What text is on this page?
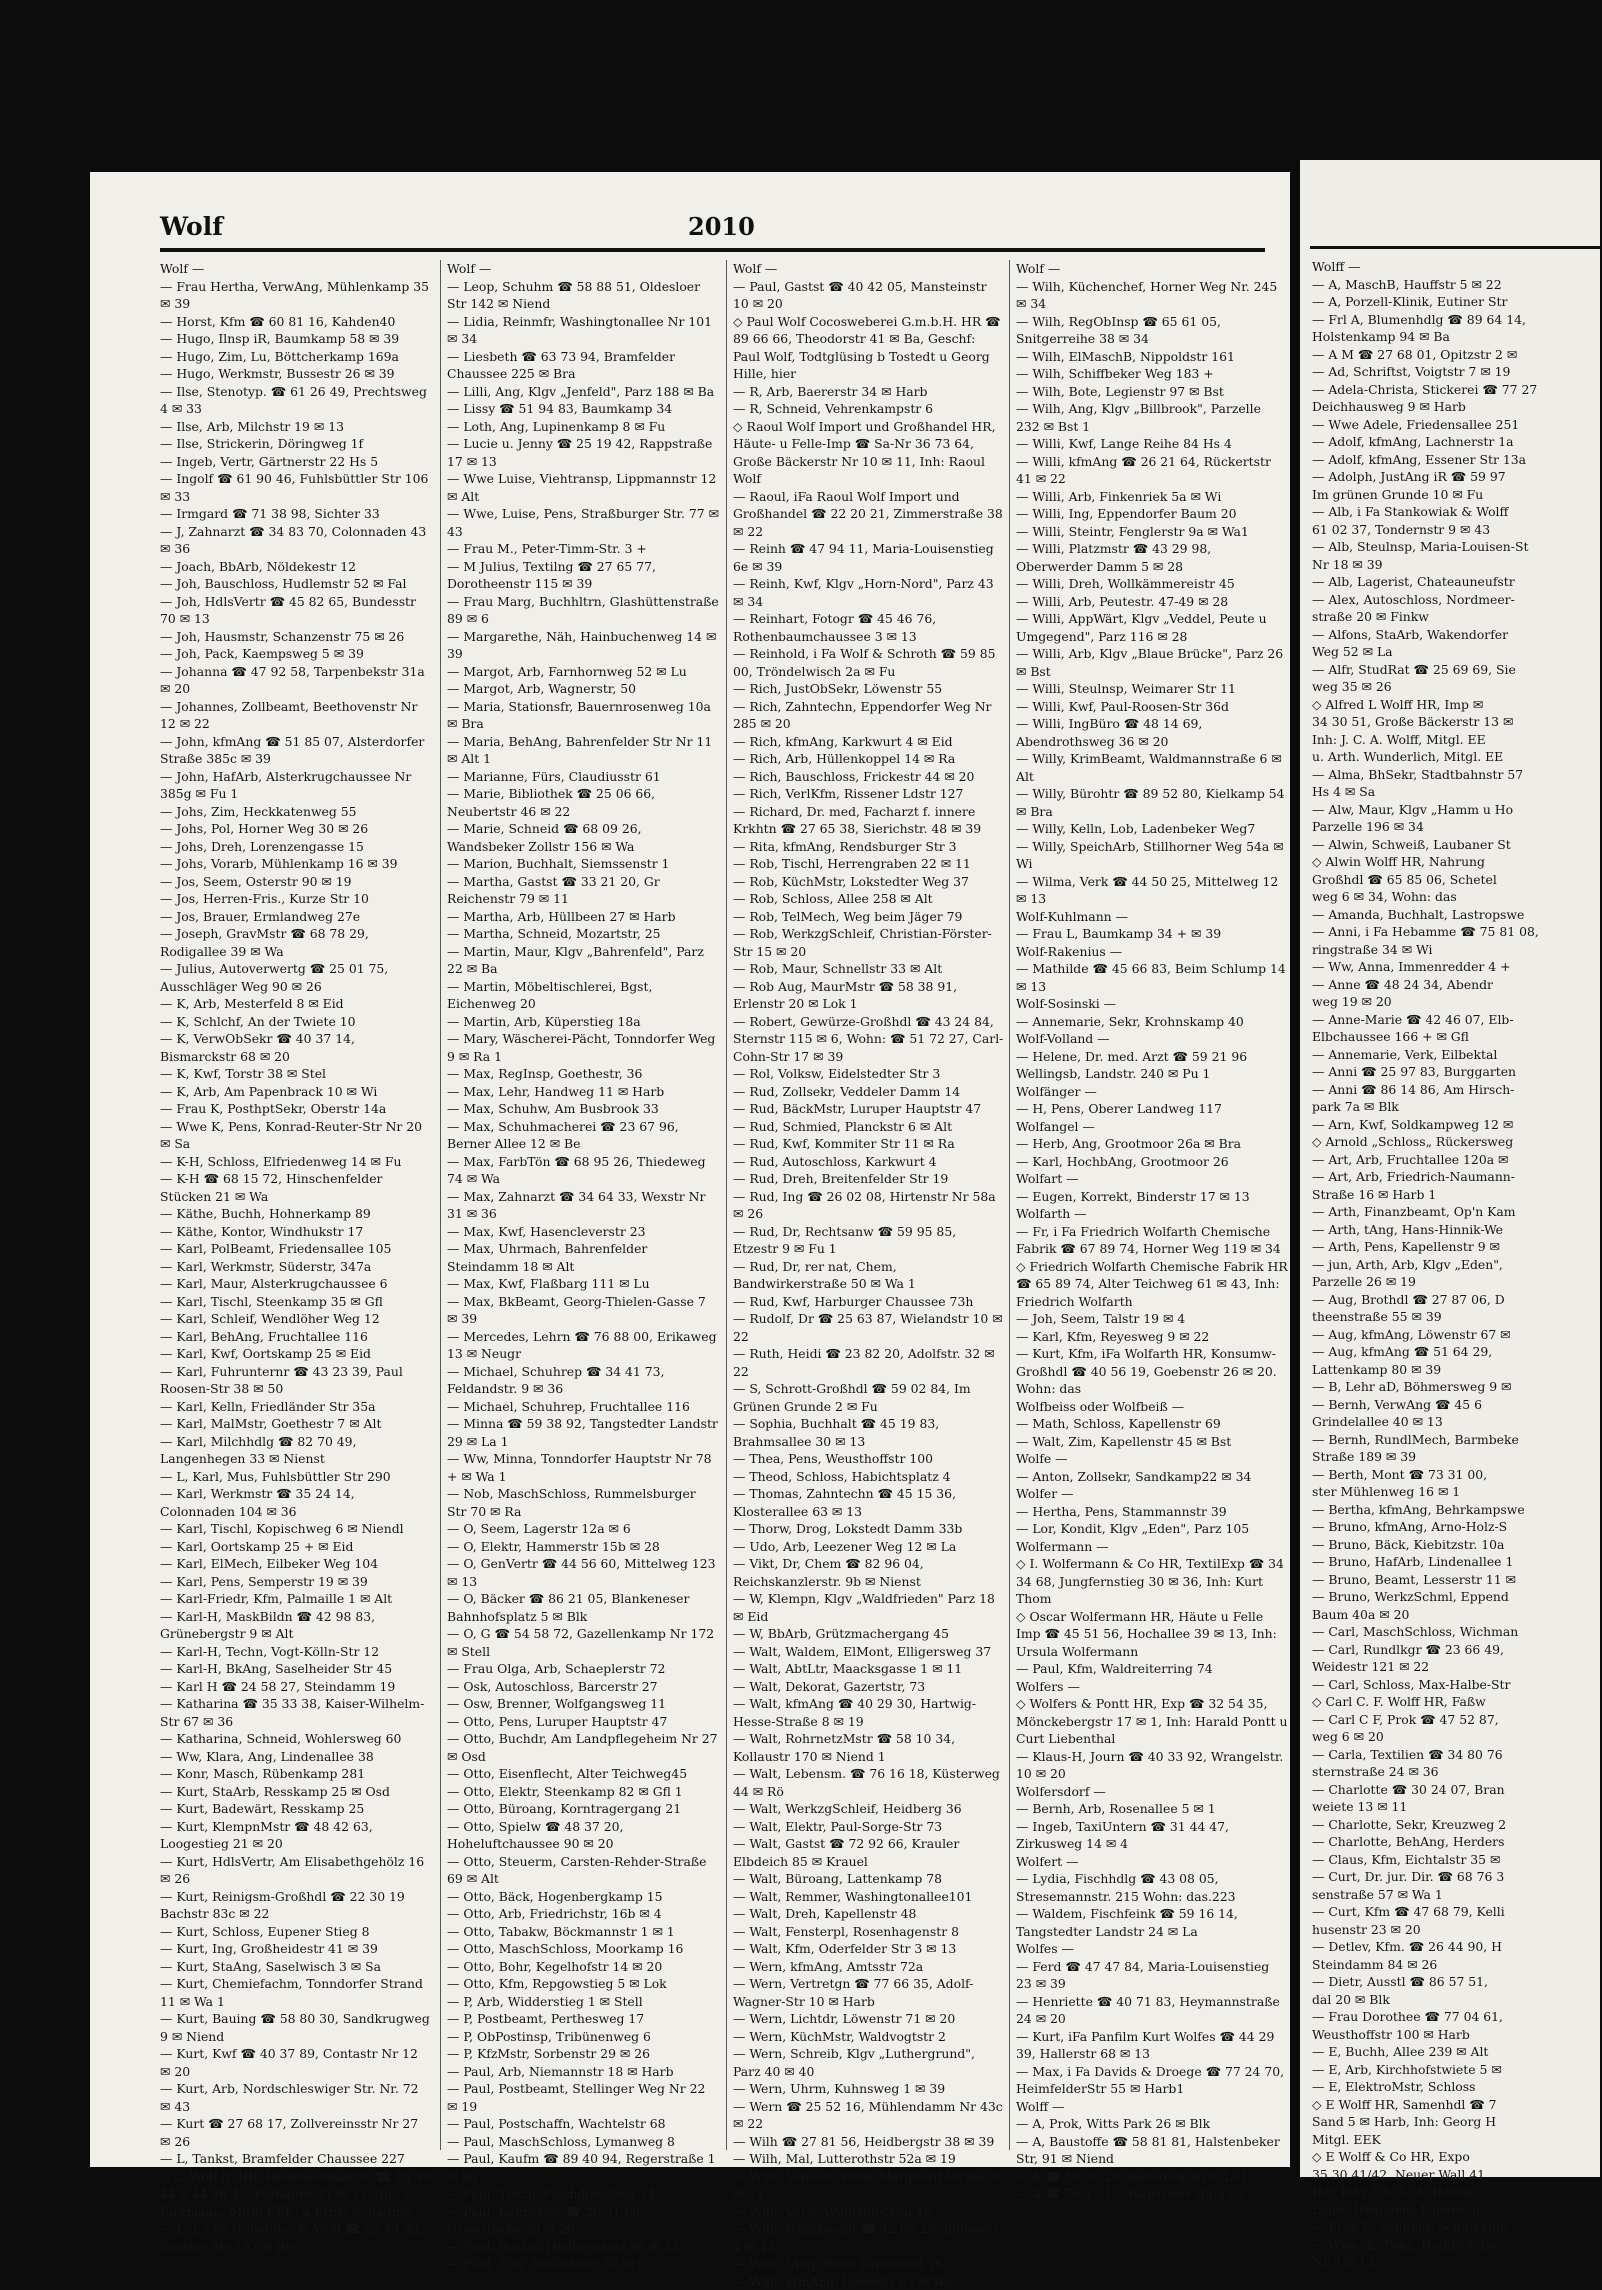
Wolf	2010

Wolf —

— Frau Hertha, VerwAng, Mühlenkamp 35 ✉ 39

— Horst, Kfm ☎ 60 81 16, Kahden40

— Hugo, Ilnsp iR, Baumkamp 58 ✉ 39

— Hugo, Zim, Lu, Böttcherkamp 169a

— Hugo, Werkmstr, Bussestr 26 ✉ 39

— Ilse, Stenotyp. ☎ 61 26 49, Prechtsweg 4 ✉ 33

— Ilse, Arb, Milchstr 19 ✉ 13

— Ilse, Strickerin, Döringweg 1f

— Ingeb, Vertr, Gärtnerstr 22 Hs 5

— Ingolf ☎ 61 90 46, Fuhlsbüttler Str 106 ✉ 33

— Irmgard ☎ 71 38 98, Sichter 33

— J, Zahnarzt ☎ 34 83 70, Colonnaden 43 ✉ 36

— Joach, BbArb, Nöldekestr 12

— Joh, Bauschloss, Hudlemstr 52 ✉ Fal

— Joh, HdlsVertr ☎ 45 82 65, Bundesstr 70 ✉ 13

— Joh, Hausmstr, Schanzenstr 75 ✉ 26

— Joh, Pack, Kaempsweg 5 ✉ 39

— Johanna ☎ 47 92 58, Tarpenbekstr 31a ✉ 20

— Johannes, Zollbeamt, Beethovenstr Nr 12 ✉ 22

— John, kfmAng ☎ 51 85 07, Alsterdorfer Straße 385c ✉ 39

— John, HafArb, Alsterkrugchaussee Nr 385g ✉ Fu 1

— Johs, Zim, Heckkatenweg 55

— Johs, Pol, Horner Weg 30 ✉ 26

— Johs, Dreh, Lorenzengasse 15

— Johs, Vorarb, Mühlenkamp 16 ✉ 39

— Jos, Seem, Osterstr 90 ✉ 19

— Jos, Herren-Fris., Kurze Str 10

— Jos, Brauer, Ermlandweg 27e

— Joseph, GravMstr ☎ 68 78 29, Rodigallee 39 ✉ Wa

— Julius, Autoverwertg ☎ 25 01 75, Ausschläger Weg 90 ✉ 26

— K, Arb, Mesterfeld 8 ✉ Eid

— K, Schlchf, An der Twiete 10

— K, VerwObSekr ☎ 40 37 14, Bismarckstr 68 ✉ 20

— K, Kwf, Torstr 38 ✉ Stel

— K, Arb, Am Papenbrack 10 ✉ Wi

— Frau K, PosthptSekr, Oberstr 14a

— Wwe K, Pens, Konrad-Reuter-Str Nr 20 ✉ Sa

— K-H, Schloss, Elfriedenweg 14 ✉ Fu

— K-H ☎ 68 15 72, Hinschenfelder Stücken 21 ✉ Wa

— Käthe, Buchh, Hohnerkamp 89

— Käthe, Kontor, Windhukstr 17

— Karl, PolBeamt, Friedensallee 105

— Karl, Werkmstr, Süderstr, 347a

— Karl, Maur, Alsterkrugchaussee 6

— Karl, Tischl, Steenkamp 35 ✉ Gfl

— Karl, Schleif, Wendlöher Weg 12

— Karl, BehAng, Fruchtallee 116

— Karl, Kwf, Oortskamp 25 ✉ Eid

— Karl, Fuhrunternr ☎ 43 23 39, Paul Roosen-Str 38 ✉ 50

— Karl, Kelln, Friedländer Str 35a

— Karl, MalMstr, Goethestr 7 ✉ Alt

— Karl, Milchhdlg ☎ 82 70 49, Langenhegen 33 ✉ Nienst

— L, Karl, Mus, Fuhlsbüttler Str 290

— Karl, Werkmstr ☎ 35 24 14, Colonnaden 104 ✉ 36

— Karl, Tischl, Kopischweg 6 ✉ Niendl

— Karl, Oortskamp 25 + ✉ Eid

— Karl, ElMech, Eilbeker Weg 104

— Karl, Pens, Semperstr 19 ✉ 39

— Karl-Friedr, Kfm, Palmaille 1 ✉ Alt

— Karl-H, MaskBildn ☎ 42 98 83, Grünebergstr 9 ✉ Alt

— Karl-H, Techn, Vogt-Kölln-Str 12

— Karl-H, BkAng, Saselheider Str 45

— Karl H ☎ 24 58 27, Steindamm 19

— Katharina ☎ 35 33 38, Kaiser-Wilhelm-Str 67 ✉ 36

— Katharina, Schneid, Wohlersweg 60

— Ww, Klara, Ang, Lindenallee 38

— Konr, Masch, Rübenkamp 281

— Kurt, StaArb, Resskamp 25 ✉ Osd

— Kurt, Badewärt, Resskamp 25

— Kurt, KlempnMstr ☎ 48 42 63, Loogestieg 21 ✉ 20

— Kurt, HdlsVertr, Am Elisabethgehölz 16 ✉ 26

— Kurt, Reinigsm-Großhdl ☎ 22 30 19 Bachstr 83c ✉ 22

— Kurt, Schloss, Eupener Stieg 8

— Kurt, Ing, Großheidestr 41 ✉ 39

— Kurt, StaAng, Saselwisch 3 ✉ Sa

— Kurt, Chemiefachm, Tonndorfer Strand 11 ✉ Wa 1

— Kurt, Bauing ☎ 58 80 30, Sandkrugweg 9 ✉ Niend

— Kurt, Kwf ☎ 40 37 89, Contastr Nr 12 ✉ 20

— Kurt, Arb, Nordschleswiger Str. Nr. 72 ✉ 43

— Kurt ☎ 27 68 17, Zollvereinsstr Nr 27 ✉ 26

— L, Tankst, Bramfelder Chaussee 227

◇ L. Wolf jr. HR, Baumwollmakler ☎ 45 49 44 u 44 46 45, Parkallee 21 ✉ 13. Inh: C Birkmann, Mitgl EEK, u Ernst Schaffner

— L, J, i Fa Hollender & Wolf ☎ 62 44 82, Saseler Str 197 ✉ Be

Wolf —

— Leop, Schuhm ☎ 58 88 51, Oldesloer Str 142 ✉ Niend

— Lidia, Reinmfr, Washingtonallee Nr 101 ✉ 34

— Liesbeth ☎ 63 73 94, Bramfelder Chaussee 225 ✉ Bra

— Lilli, Ang, Klgv „Jenfeld", Parz 188 ✉ Ba

— Lissy ☎ 51 94 83, Baumkamp 34

— Loth, Ang, Lupinenkamp 8 ✉ Fu

— Lucie u. Jenny ☎ 25 19 42, Rappstraße 17 ✉ 13

— Wwe Luise, Viehtransp, Lippmannstr 12 ✉ Alt

— Wwe, Luise, Pens, Straßburger Str. 77 ✉ 43

— Frau M., Peter-Timm-Str. 3 +

— M Julius, Textilng ☎ 27 65 77, Dorotheenstr 115 ✉ 39

— Frau Marg, Buchhltrn, Glashüttenstraße 89 ✉ 6

— Margarethe, Näh, Hainbuchenweg 14 ✉ 39

— Margot, Arb, Farnhornweg 52 ✉ Lu

— Margot, Arb, Wagnerstr, 50

— Maria, Stationsfr, Bauernrosenweg 10a ✉ Bra

— Maria, BehAng, Bahrenfelder Str Nr 11 ✉ Alt 1

— Marianne, Fürs, Claudiusstr 61

— Marie, Bibliothek ☎ 25 06 66, Neubertstr 46 ✉ 22

— Marie, Schneid ☎ 68 09 26, Wandsbeker Zollstr 156 ✉ Wa

— Marion, Buchhalt, Siemssenstr 1

— Martha, Gastst ☎ 33 21 20, Gr Reichenstr 79 ✉ 11

— Martha, Arb, Hüllbeen 27 ✉ Harb

— Martha, Schneid, Mozartstr, 25

— Martin, Maur, Klgv „Bahrenfeld", Parz 22 ✉ Ba

— Martin, Möbeltischlerei, Bgst, Eichenweg 20

— Martin, Arb, Küperstieg 18a

— Mary, Wäscherei-Pächt, Tonndorfer Weg 9 ✉ Ra 1

— Max, RegInsp, Goethestr, 36

— Max, Lehr, Handweg 11 ✉ Harb

— Max, Schuhw, Am Busbrook 33

— Max, Schuhmacherei ☎ 23 67 96, Berner Allee 12 ✉ Be

— Max, FarbTön ☎ 68 95 26, Thiedeweg 74 ✉ Wa

— Max, Zahnarzt ☎ 34 64 33, Wexstr Nr 31 ✉ 36

— Max, Kwf, Hasencleverstr 23

— Max, Uhrmach, Bahrenfelder Steindamm 18 ✉ Alt

— Max, Kwf, Flaßbarg 111 ✉ Lu

— Max, BkBeamt, Georg-Thielen-Gasse 7 ✉ 39

— Mercedes, Lehrn ☎ 76 88 00, Erikaweg 13 ✉ Neugr

— Michael, Schuhrep ☎ 34 41 73, Feldandstr. 9 ✉ 36

— Michael, Schuhrep, Fruchtallee 116

— Minna ☎ 59 38 92, Tangstedter Landstr 29 ✉ La 1

— Ww, Minna, Tonndorfer Hauptstr Nr 78 + ✉ Wa 1

— Nob, MaschSchloss, Rummelsburger Str 70 ✉ Ra

— O, Seem, Lagerstr 12a ✉ 6

— O, Elektr, Hammerstr 15b ✉ 28

— O, GenVertr ☎ 44 56 60, Mittelweg 123 ✉ 13

— O, Bäcker ☎ 86 21 05, Blankeneser Bahnhofsplatz 5 ✉ Blk

— O, G ☎ 54 58 72, Gazellenkamp Nr 172 ✉ Stell

— Frau Olga, Arb, Schaeplerstr 72

— Osk, Autoschloss, Barcerstr 27

— Osw, Brenner, Wolfgangsweg 11

— Otto, Pens, Luruper Hauptstr 47

— Otto, Buchdr, Am Landpflegeheim Nr 27 ✉ Osd

— Otto, Eisenflecht, Alter Teichweg45

— Otto, Elektr, Steenkamp 82 ✉ Gfl 1

— Otto, Büroang, Korntragergang 21

— Otto, Spielw ☎ 48 37 20, Hoheluftchaussee 90 ✉ 20

— Otto, Steuerm, Carsten-Rehder-Straße 69 ✉ Alt

— Otto, Bäck, Hogenbergkamp 15

— Otto, Arb, Friedrichstr, 16b ✉ 4

— Otto, Tabakw, Böckmannstr 1 ✉ 1

— Otto, MaschSchloss, Moorkamp 16

— Otto, Bohr, Kegelhofstr 14 ✉ 20

— Otto, Kfm, Repgowstieg 5 ✉ Lok

— P, Arb, Widderstieg 1 ✉ Stell

— P, Postbeamt, Perthesweg 17

— P, ObPostinsp, Tribünenweg 6

— P, KfzMstr, Sorbenstr 29 ✉ 26

— Paul, Arb, Niemannstr 18 ✉ Harb

— Paul, Postbeamt, Stellinger Weg Nr 22 ✉ 19

— Paul, Postschaffn, Wachtelstr 68

— Paul, MaschSchloss, Lymanweg 8

— Paul, Kaufm ☎ 89 40 94, Regerstraße 1 ✉ Ba

— Paul, Tischl, Fischdiebstieg 34

— Paul, Konrektor ☎ 26 31 60, Griesstraße 29 ✉ 26

— Paul, Buchh, Hellbrookstr 98 ✉ 33

— Paul, Zim, Amandastr 52 ✉ 6

Wolf —

— Paul, Gastst ☎ 40 42 05, Mansteinstr 10 ✉ 20

◇ Paul Wolf Cocosweberei G.m.b.H. HR ☎ 89 66 66, Theodorstr 41 ✉ Ba, Geschf: Paul Wolf, Todtglüsing b Tostedt u Georg Hille, hier

— R, Arb, Baererstr 34 ✉ Harb

— R, Schneid, Vehrenkampstr 6

◇ Raoul Wolf Import und Großhandel HR, Häute- u Felle-Imp ☎ Sa-Nr 36 73 64, Große Bäckerstr Nr 10 ✉ 11, Inh: Raoul Wolf

— Raoul, iFa Raoul Wolf Import und Großhandel ☎ 22 20 21, Zimmerstraße 38 ✉ 22

— Reinh ☎ 47 94 11, Maria-Louisenstieg 6e ✉ 39

— Reinh, Kwf, Klgv „Horn-Nord", Parz 43 ✉ 34

— Reinhart, Fotogr ☎ 45 46 76, Rothenbaumchaussee 3 ✉ 13

— Reinhold, i Fa Wolf & Schroth ☎ 59 85 00, Tröndelwisch 2a ✉ Fu

— Rich, JustObSekr, Löwenstr 55

— Rich, Zahntechn, Eppendorfer Weg Nr 285 ✉ 20

— Rich, kfmAng, Karkwurt 4 ✉ Eid

— Rich, Arb, Hüllenkoppel 14 ✉ Ra

— Rich, Bauschloss, Frickestr 44 ✉ 20

— Rich, VerlKfm, Rissener Ldstr 127

— Richard, Dr. med, Facharzt f. innere Krkhtn ☎ 27 65 38, Sierichstr. 48 ✉ 39

— Rita, kfmAng, Rendsburger Str 3

— Rob, Tischl, Herrengraben 22 ✉ 11

— Rob, KüchMstr, Lokstedter Weg 37

— Rob, Schloss, Allee 258 ✉ Alt

— Rob, TelMech, Weg beim Jäger 79

— Rob, WerkzgSchleif, Christian-Förster-Str 15 ✉ 20

— Rob, Maur, Schnellstr 33 ✉ Alt

— Rob Aug, MaurMstr ☎ 58 38 91, Erlenstr 20 ✉ Lok 1

— Robert, Gewürze-Großhdl ☎ 43 24 84, Sternstr 115 ✉ 6, Wohn: ☎ 51 72 27, Carl-Cohn-Str 17 ✉ 39

— Rol, Volksw, Eidelstedter Str 3

— Rud, Zollsekr, Veddeler Damm 14

— Rud, BäckMstr, Luruper Hauptstr 47

— Rud, Schmied, Planckstr 6 ✉ Alt

— Rud, Kwf, Kommiter Str 11 ✉ Ra

— Rud, Autoschloss, Karkwurt 4

— Rud, Dreh, Breitenfelder Str 19

— Rud, Ing ☎ 26 02 08, Hirtenstr Nr 58a ✉ 26

— Rud, Dr, Rechtsanw ☎ 59 95 85, Etzestr 9 ✉ Fu 1

— Rud, Dr, rer nat, Chem, Bandwirkerstraße 50 ✉ Wa 1

— Rud, Kwf, Harburger Chaussee 73h

— Rudolf, Dr ☎ 25 63 87, Wielandstr 10 ✉ 22

— Ruth, Heidi ☎ 23 82 20, Adolfstr. 32 ✉ 22

— S, Schrott-Großhdl ☎ 59 02 84, Im Grünen Grunde 2 ✉ Fu

— Sophia, Buchhalt ☎ 45 19 83, Brahmsallee 30 ✉ 13

— Thea, Pens, Weusthoffstr 100

— Theod, Schloss, Habichtsplatz 4

— Thomas, Zahntechn ☎ 45 15 36, Klosterallee 63 ✉ 13

— Thorw, Drog, Lokstedt Damm 33b

— Udo, Arb, Leezener Weg 12 ✉ La

— Vikt, Dr, Chem ☎ 82 96 04, Reichskanzlerstr. 9b ✉ Nienst

— W, Klempn, Klgv „Waldfrieden" Parz 18 ✉ Eid

— W, BbArb, Grützmachergang 45

— Walt, Waldem, ElMont, Elligersweg 37

— Walt, AbtLtr, Maacksgasse 1 ✉ 11

— Walt, Dekorat, Gazertstr, 73

— Walt, kfmAng ☎ 40 29 30, Hartwig-Hesse-Straße 8 ✉ 19

— Walt, RohrnetzMstr ☎ 58 10 34, Kollaustr 170 ✉ Niend 1

— Walt, Lebensm. ☎ 76 16 18, Küsterweg 44 ✉ Rö

— Walt, WerkzgSchleif, Heidberg 36

— Walt, Elektr, Paul-Sorge-Str 73

— Walt, Gastst ☎ 72 92 66, Krauler Elbdeich 85 ✉ Krauel

— Walt, Büroang, Lattenkamp 78

— Walt, Remmer, Washingtonallee101

— Walt, Dreh, Kapellenstr 48

— Walt, Fensterpl, Rosenhagenstr 8

— Walt, Kfm, Oderfelder Str 3 ✉ 13

— Wern, kfmAng, Amtsstr 72a

— Wern, Vertretgn ☎ 77 66 35, Adolf-Wagner-Str 10 ✉ Harb

— Wern, Lichtdr, Löwenstr 71 ✉ 20

— Wern, KüchMstr, Waldvogtstr 2

— Wern, Schreib, Klgv „Luthergrund", Parz 40 ✉ 40

— Wern, Uhrm, Kuhnsweg 1 ✉ 39

— Wern ☎ 25 52 16, Mühlendamm Nr 43c ✉ 22

— Wilh ☎ 27 81 56, Heidbergstr 38 ✉ 39

— Wilh, Mal, Lutterothstr 52a ✉ 19

— Wilh, Schloss, Peter-Marquard-Straße 9 ✉ 33

— Wilh, Verw, Wulffsblöcken 19

— Wilh, Bankbeamt ☎ 42 07 26, Bülowstr 4 ✉ 43

— Wilh, tAng, Beim Farenland 16

— Wilh, kfmAng, Lessestr 63 ✉ Wa

Wolf —

— Wilh, Küchenchef, Horner Weg Nr. 245 ✉ 34

— Wilh, RegObInsp ☎ 65 61 05, Snitgerreihe 38 ✉ 34

— Wilh, ElMaschB, Nippoldstr 161

— Wilh, Schiffbeker Weg 183 +

— Wilh, Bote, Legienstr 97 ✉ Bst

— Wilh, Ang, Klgv „Billbrook", Parzelle 232 ✉ Bst 1

— Willi, Kwf, Lange Reihe 84 Hs 4

— Willi, kfmAng ☎ 26 21 64, Rückertstr 41 ✉ 22

— Willi, Arb, Finkenriek 5a ✉ Wi

— Willi, Ing, Eppendorfer Baum 20

— Willi, Steintr, Fenglerstr 9a ✉ Wa1

— Willi, Platzmstr ☎ 43 29 98, Oberwerder Damm 5 ✉ 28

— Willi, Dreh, Wollkämmereistr 45

— Willi, Arb, Peutestr. 47-49 ✉ 28

— Willi, AppWärt, Klgv „Veddel, Peute u Umgegend", Parz 116 ✉ 28

— Willi, Arb, Klgv „Blaue Brücke", Parz 26 ✉ Bst

— Willi, Steulnsp, Weimarer Str 11

— Willi, Kwf, Paul-Roosen-Str 36d

— Willi, IngBüro ☎ 48 14 69, Abendrothsweg 36 ✉ 20

— Willy, KrimBeamt, Waldmannstraße 6 ✉ Alt

— Willy, Bürohtr ☎ 89 52 80, Kielkamp 54 ✉ Bra

— Willy, Kelln, Lob, Ladenbeker Weg7

— Willy, SpeichArb, Stillhorner Weg 54a ✉ Wi

— Wilma, Verk ☎ 44 50 25, Mittelweg 12 ✉ 13

Wolf-Kuhlmann —

— Frau L, Baumkamp 34 + ✉ 39

Wolf-Rakenius —

— Mathilde ☎ 45 66 83, Beim Schlump 14 ✉ 13

Wolf-Sosinski —

— Annemarie, Sekr, Krohnskamp 40

Wolf-Volland —

— Helene, Dr. med. Arzt ☎ 59 21 96 Wellingsb, Landstr. 240 ✉ Pu 1

Wolfänger —

— H, Pens, Oberer Landweg 117

Wolfangel —

— Herb, Ang, Grootmoor 26a ✉ Bra

— Karl, HochbAng, Grootmoor 26

Wolfart —

— Eugen, Korrekt, Binderstr 17 ✉ 13

Wolfarth —

— Fr, i Fa Friedrich Wolfarth Chemische Fabrik ☎ 67 89 74, Horner Weg 119 ✉ 34

◇ Friedrich Wolfarth Chemische Fabrik HR ☎ 65 89 74, Alter Teichweg 61 ✉ 43, Inh: Friedrich Wolfarth

— Joh, Seem, Talstr 19 ✉ 4

— Karl, Kfm, Reyesweg 9 ✉ 22

— Kurt, Kfm, iFa Wolfarth HR, Konsumw-Großhdl ☎ 40 56 19, Goebenstr 26 ✉ 20. Wohn: das

Wolfbeiss oder Wolfbeiß —

— Math, Schloss, Kapellenstr 69

— Walt, Zim, Kapellenstr 45 ✉ Bst

Wolfe —

— Anton, Zollsekr, Sandkamp22 ✉ 34

Wolfer —

— Hertha, Pens, Stammannstr 39

— Lor, Kondit, Klgv „Eden", Parz 105

Wolfermann —

◇ I. Wolfermann & Co HR, TextilExp ☎ 34 34 68, Jungfernstieg 30 ✉ 36, Inh: Kurt Thom

◇ Oscar Wolfermann HR, Häute u Felle Imp ☎ 45 51 56, Hochallee 39 ✉ 13, Inh: Ursula Wolfermann

— Paul, Kfm, Waldreiterring 74

Wolfers —

◇ Wolfers & Pontt HR, Exp ☎ 32 54 35, Mönckebergstr 17 ✉ 1, Inh: Harald Pontt u Curt Liebenthal

— Klaus-H, Journ ☎ 40 33 92, Wrangelstr. 10 ✉ 20

Wolfersdorf —

— Bernh, Arb, Rosenallee 5 ✉ 1

— Ingeb, TaxiUntern ☎ 31 44 47, Zirkusweg 14 ✉ 4

Wolfert —

— Lydia, Fischhdlg ☎ 43 08 05, Stresemannstr. 215 Wohn: das.223

— Waldem, Fischfeink ☎ 59 16 14, Tangstedter Landstr 24 ✉ La

Wolfes —

— Ferd ☎ 47 47 84, Maria-Louisenstieg 23 ✉ 39

— Henriette ☎ 40 71 83, Heymannstraße 24 ✉ 20

— Kurt, iFa Panfilm Kurt Wolfes ☎ 44 29 39, Hallerstr 68 ✉ 13

— Max, i Fa Davids & Droege ☎ 77 24 70, HeimfelderStr 55 ✉ Harb1

Wolff —

— A, Prok, Witts Park 26 ✉ Blk

— A, Baustoffe ☎ 58 81 81, Halstenbeker Str, 91 ✉ Niend

— A ☎ 59 70 26, Kielstück 26 ✉ La1

— A ☎ 76 17 15, Walsroder Ring 62

Wolff —

— A, MaschB, Hauffstr 5 ✉ 22

— A, Porzell-Klinik, Eutiner Str

— Frl A, Blumenhdlg ☎ 89 64 14,

Holstenkamp 94 ✉ Ba

— A M ☎ 27 68 01, Opitzstr 2 ✉

— Ad, Schriftst, Voigtstr 7 ✉ 19

— Adela-Christa, Stickerei ☎ 77 27

Deichhausweg 9 ✉ Harb

— Wwe Adele, Friedensallee 251

— Adolf, kfmAng, Lachnerstr 1a

— Adolf, kfmAng, Essener Str 13a

— Adolph, JustAng iR ☎ 59 97

Im grünen Grunde 10 ✉ Fu

— Alb, i Fa Stankowiak & Wolff

61 02 37, Tondernstr 9 ✉ 43

— Alb, Steulnsp, Maria-Louisen-St

Nr 18 ✉ 39

— Alb, Lagerist, Chateauneufstr

— Alex, Autoschloss, Nordmeer-

straße 20 ✉ Finkw

— Alfons, StaArb, Wakendorfer

Weg 52 ✉ La

— Alfr, StudRat ☎ 25 69 69, Sie

weg 35 ✉ 26

◇ Alfred L Wolff HR, Imp ✉

34 30 51, Große Bäckerstr 13 ✉

Inh: J. C. A. Wolff, Mitgl. EE

u. Arth. Wunderlich, Mitgl. EE

— Alma, BhSekr, Stadtbahnstr 57

Hs 4 ✉ Sa

— Alw, Maur, Klgv „Hamm u Ho

Parzelle 196 ✉ 34

— Alwin, Schweiß, Laubaner St

◇ Alwin Wolff HR, Nahrung

Großhdl ☎ 65 85 06, Schetel

weg 6 ✉ 34, Wohn: das

— Amanda, Buchhalt, Lastropswe

— Anni, i Fa Hebamme ☎ 75 81 08,

ringstraße 34 ✉ Wi

— Ww, Anna, Immenredder 4 +

— Anne ☎ 48 24 34, Abendr

weg 19 ✉ 20

— Anne-Marie ☎ 42 46 07, Elb-

Elbchaussee 166 + ✉ Gfl

— Annemarie, Verk, Eilbektal

— Anni ☎ 25 97 83, Burggarten

— Anni ☎ 86 14 86, Am Hirsch-

park 7a ✉ Blk

— Arn, Kwf, Soldkampweg 12 ✉

◇ Arnold „Schloss„ Rückersweg

— Art, Arb, Fruchtallee 120a ✉

— Art, Arb, Friedrich-Naumann-

Straße 16 ✉ Harb 1

— Arth, Finanzbeamt, Op'n Kam

— Arth, tAng, Hans-Hinnik-We

— Arth, Pens, Kapellenstr 9 ✉

— jun, Arth, Arb, Klgv „Eden",

Parzelle 26 ✉ 19

— Aug, Brothdl ☎ 27 87 06, D

theenstraße 55 ✉ 39

— Aug, kfmAng, Löwenstr 67 ✉

— Aug, kfmAng ☎ 51 64 29,

Lattenkamp 80 ✉ 39

— B, Lehr aD, Böhmersweg 9 ✉

— Bernh, VerwAng ☎ 45 6

Grindelallee 40 ✉ 13

— Bernh, RundlMech, Barmbeke

Straße 189 ✉ 39

— Berth, Mont ☎ 73 31 00,

ster Mühlenweg 16 ✉ 1

— Bertha, kfmAng, Behrkampswe

— Bruno, kfmAng, Arno-Holz-S

— Bruno, Bäck, Kiebitzstr. 10a

— Bruno, HafArb, Lindenallee 1

— Bruno, Beamt, Lesserstr 11 ✉

— Bruno, WerkzSchml, Eppend

Baum 40a ✉ 20

— Carl, MaschSchloss, Wichman

— Carl, Rundlkgr ☎ 23 66 49,

Weidestr 121 ✉ 22

— Carl, Schloss, Max-Halbe-Str

◇ Carl C. F. Wolff HR, Faßw

— Carl C F, Prok ☎ 47 52 87,

weg 6 ✉ 20

— Carla, Textilien ☎ 34 80 76

sternstraße 24 ✉ 36

— Charlotte ☎ 30 24 07, Bran

weiete 13 ✉ 11

— Charlotte, Sekr, Kreuzweg 2

— Charlotte, BehAng, Herders

— Claus, Kfm, Eichtalstr 35 ✉

— Curt, Dr. jur. Dir. ☎ 68 76 3

senstraße 57 ✉ Wa 1

— Curt, Kfm ☎ 47 68 79, Kelli

husenstr 23 ✉ 20

— Detlev, Kfm. ☎ 26 44 90, H

Steindamm 84 ✉ 26

— Dietr, Ausstl ☎ 86 57 51,

dal 20 ✉ Blk

— Frau Dorothee ☎ 77 04 61,

Weusthoffstr 100 ✉ Harb

— E, Buchh, Allee 239 ✉ Alt

— E, Arb, Kirchhofstwiete 5 ✉

— E, ElektroMstr, Schloss

◇ E Wolff HR, Samenhdl ☎ 7

Sand 5 ✉ Harb, Inh: Georg H

Mitgl. EEK

◇ E Wolff & Co HR, Expo

35 30 41/42, Neuer Wall 41

Inh: Edg. Ch. L. A. Hedda

Ludw. Heddaeus-Espensch

— Frau E, Schneid, Schulkamp

— Wwe, E, Pens, Heinrich-Ba

Nr 9 ✉ 13
